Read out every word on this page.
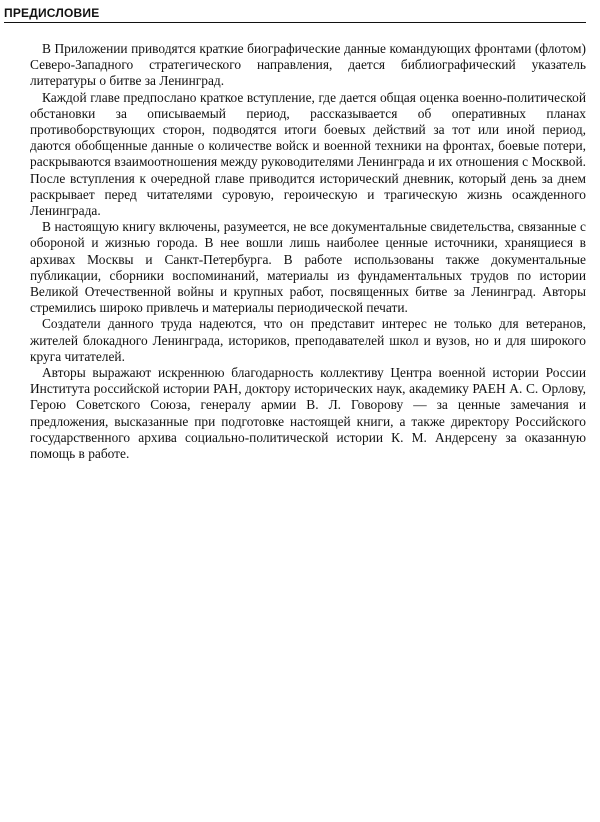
ПРЕДИСЛОВИЕ

В Приложении приводятся краткие биографические данные командующих фронтами (флотом) Северо-Западного стратегического направления, дается библиографический указатель литературы о битве за Ленинград.

Каждой главе предпослано краткое вступление, где дается общая оценка военно-политической обстановки за описываемый период, рассказывается об оперативных планах противоборствующих сторон, подводятся итоги боевых действий за тот или иной период, даются обобщенные данные о количестве войск и военной техники на фронтах, боевые потери, раскрываются взаимоотношения между руководителями Ленинграда и их отношения с Москвой. После вступления к очередной главе приводится исторический дневник, который день за днем раскрывает перед читателями суровую, героическую и трагическую жизнь осажденного Ленинграда.

В настоящую книгу включены, разумеется, не все документальные свидетельства, связанные с обороной и жизнью города. В нее вошли лишь наиболее ценные источники, хранящиеся в архивах Москвы и Санкт-Петербурга. В работе использованы также документальные публикации, сборники воспоминаний, материалы из фундаментальных трудов по истории Великой Отечественной войны и крупных работ, посвященных битве за Ленинград. Авторы стремились широко привлечь и материалы периодической печати.

Создатели данного труда надеются, что он представит интерес не только для ветеранов, жителей блокадного Ленинграда, историков, преподавателей школ и вузов, но и для широкого круга читателей.

Авторы выражают искреннюю благодарность коллективу Центра военной истории России Института российской истории РАН, доктору исторических наук, академику РАЕН А. С. Орлову, Герою Советского Союза, генералу армии В. Л. Говорову — за ценные замечания и предложения, высказанные при подготовке настоящей книги, а также директору Российского государственного архива социально-политической истории К. М. Андерсену за оказанную помощь в работе.
